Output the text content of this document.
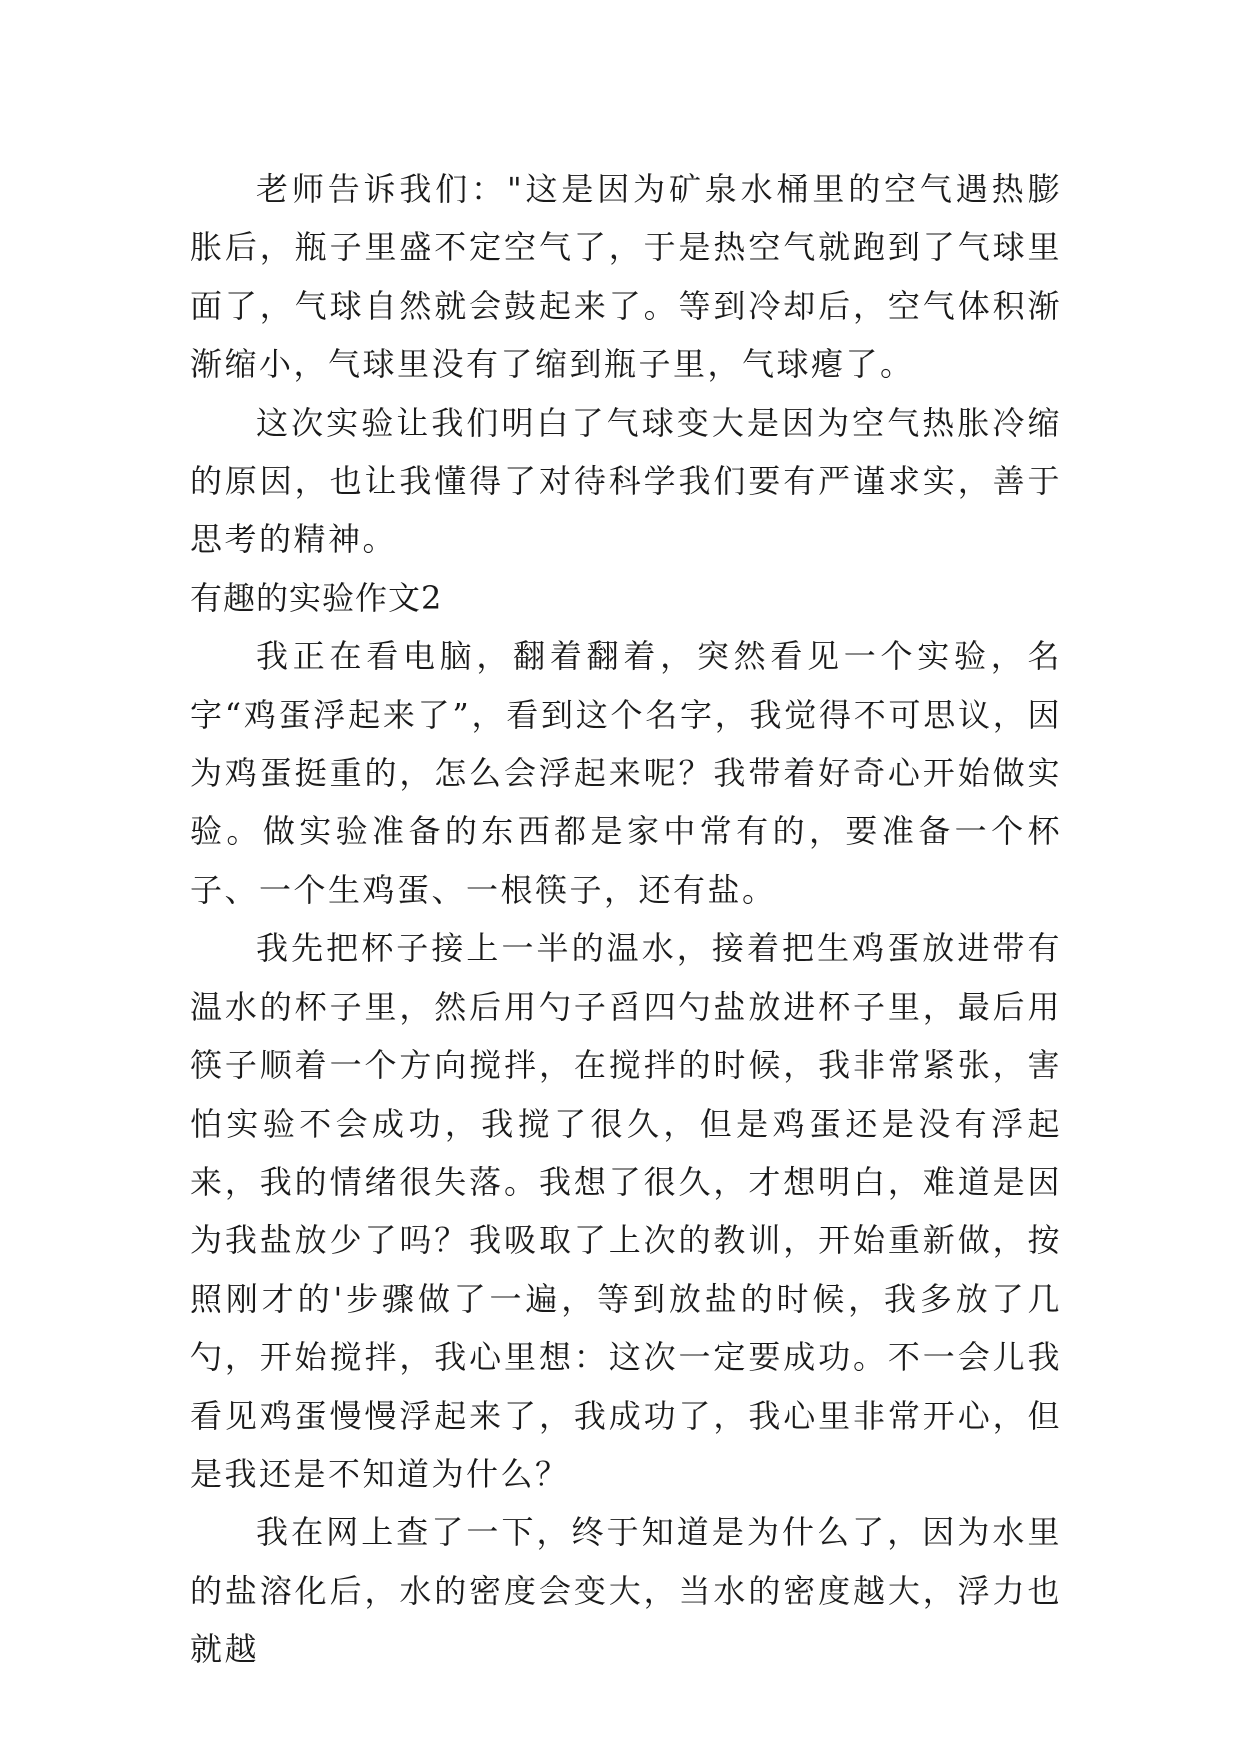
老师告诉我们："这是因为矿泉水桶里的空气遇热膨胀后，瓶子里盛不定空气了，于是热空气就跑到了气球里面了，气球自然就会鼓起来了。等到冷却后，空气体积渐渐缩小，气球里没有了缩到瓶子里，气球瘪了。

这次实验让我们明白了气球变大是因为空气热胀冷缩的原因，也让我懂得了对待科学我们要有严谨求实，善于思考的精神。

有趣的实验作文2

我正在看电脑，翻着翻着，突然看见一个实验，名字“鸡蛋浮起来了”，看到这个名字，我觉得不可思议，因为鸡蛋挺重的，怎么会浮起来呢？我带着好奇心开始做实验。做实验准备的东西都是家中常有的，要准备一个杯子、一个生鸡蛋、一根筷子，还有盐。

我先把杯子接上一半的温水，接着把生鸡蛋放进带有温水的杯子里，然后用勺子舀四勺盐放进杯子里，最后用筷子顺着一个方向搅拌，在搅拌的时候，我非常紧张，害怕实验不会成功，我搅了很久，但是鸡蛋还是没有浮起来，我的情绪很失落。我想了很久，才想明白，难道是因为我盐放少了吗？我吸取了上次的教训，开始重新做，按照刚才的'步骤做了一遍，等到放盐的时候，我多放了几勺，开始搅拌，我心里想：这次一定要成功。不一会儿我看见鸡蛋慢慢浮起来了，我成功了，我心里非常开心，但是我还是不知道为什么？

我在网上查了一下，终于知道是为什么了，因为水里的盐溶化后，水的密度会变大，当水的密度越大，浮力也就越
